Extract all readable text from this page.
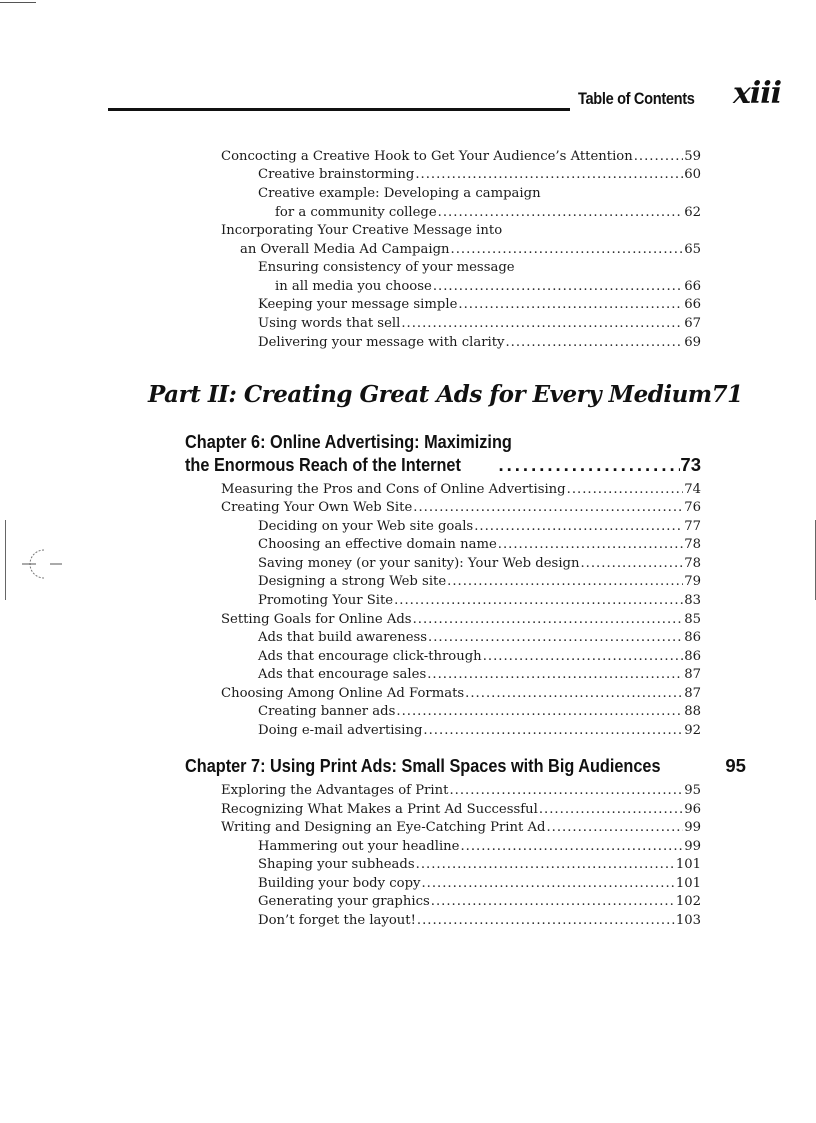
Table of Contents xiii
Concocting a Creative Hook to Get Your Audience’s Attention .....	59
Creative brainstorming .....	60
Creative example: Developing a campaign
for a community college .....	62
Incorporating Your Creative Message into
an Overall Media Ad Campaign .....	65
Ensuring consistency of your message
in all media you choose .....	66
Keeping your message simple .....	66
Using words that sell .....	67
Delivering your message with clarity .....	69
Part II: Creating Great Ads for Every Medium 71
Chapter 6: Online Advertising: Maximizing
the Enormous Reach of the Internet .....	73
Measuring the Pros and Cons of Online Advertising .....	74
Creating Your Own Web Site .....	76
Deciding on your Web site goals .....	77
Choosing an effective domain name .....	78
Saving money (or your sanity): Your Web design .....	78
Designing a strong Web site .....	79
Promoting Your Site .....	83
Setting Goals for Online Ads .....	85
Ads that build awareness .....	86
Ads that encourage click-through .....	86
Ads that encourage sales .....	87
Choosing Among Online Ad Formats .....	87
Creating banner ads .....	88
Doing e-mail advertising .....	92
Chapter 7: Using Print Ads: Small Spaces with Big Audiences	95
Exploring the Advantages of Print .....	95
Recognizing What Makes a Print Ad Successful .....	96
Writing and Designing an Eye-Catching Print Ad .....	99
Hammering out your headline .....	99
Shaping your subheads .....	101
Building your body copy .....	101
Generating your graphics .....	102
Don’t forget the layout! .....	103
